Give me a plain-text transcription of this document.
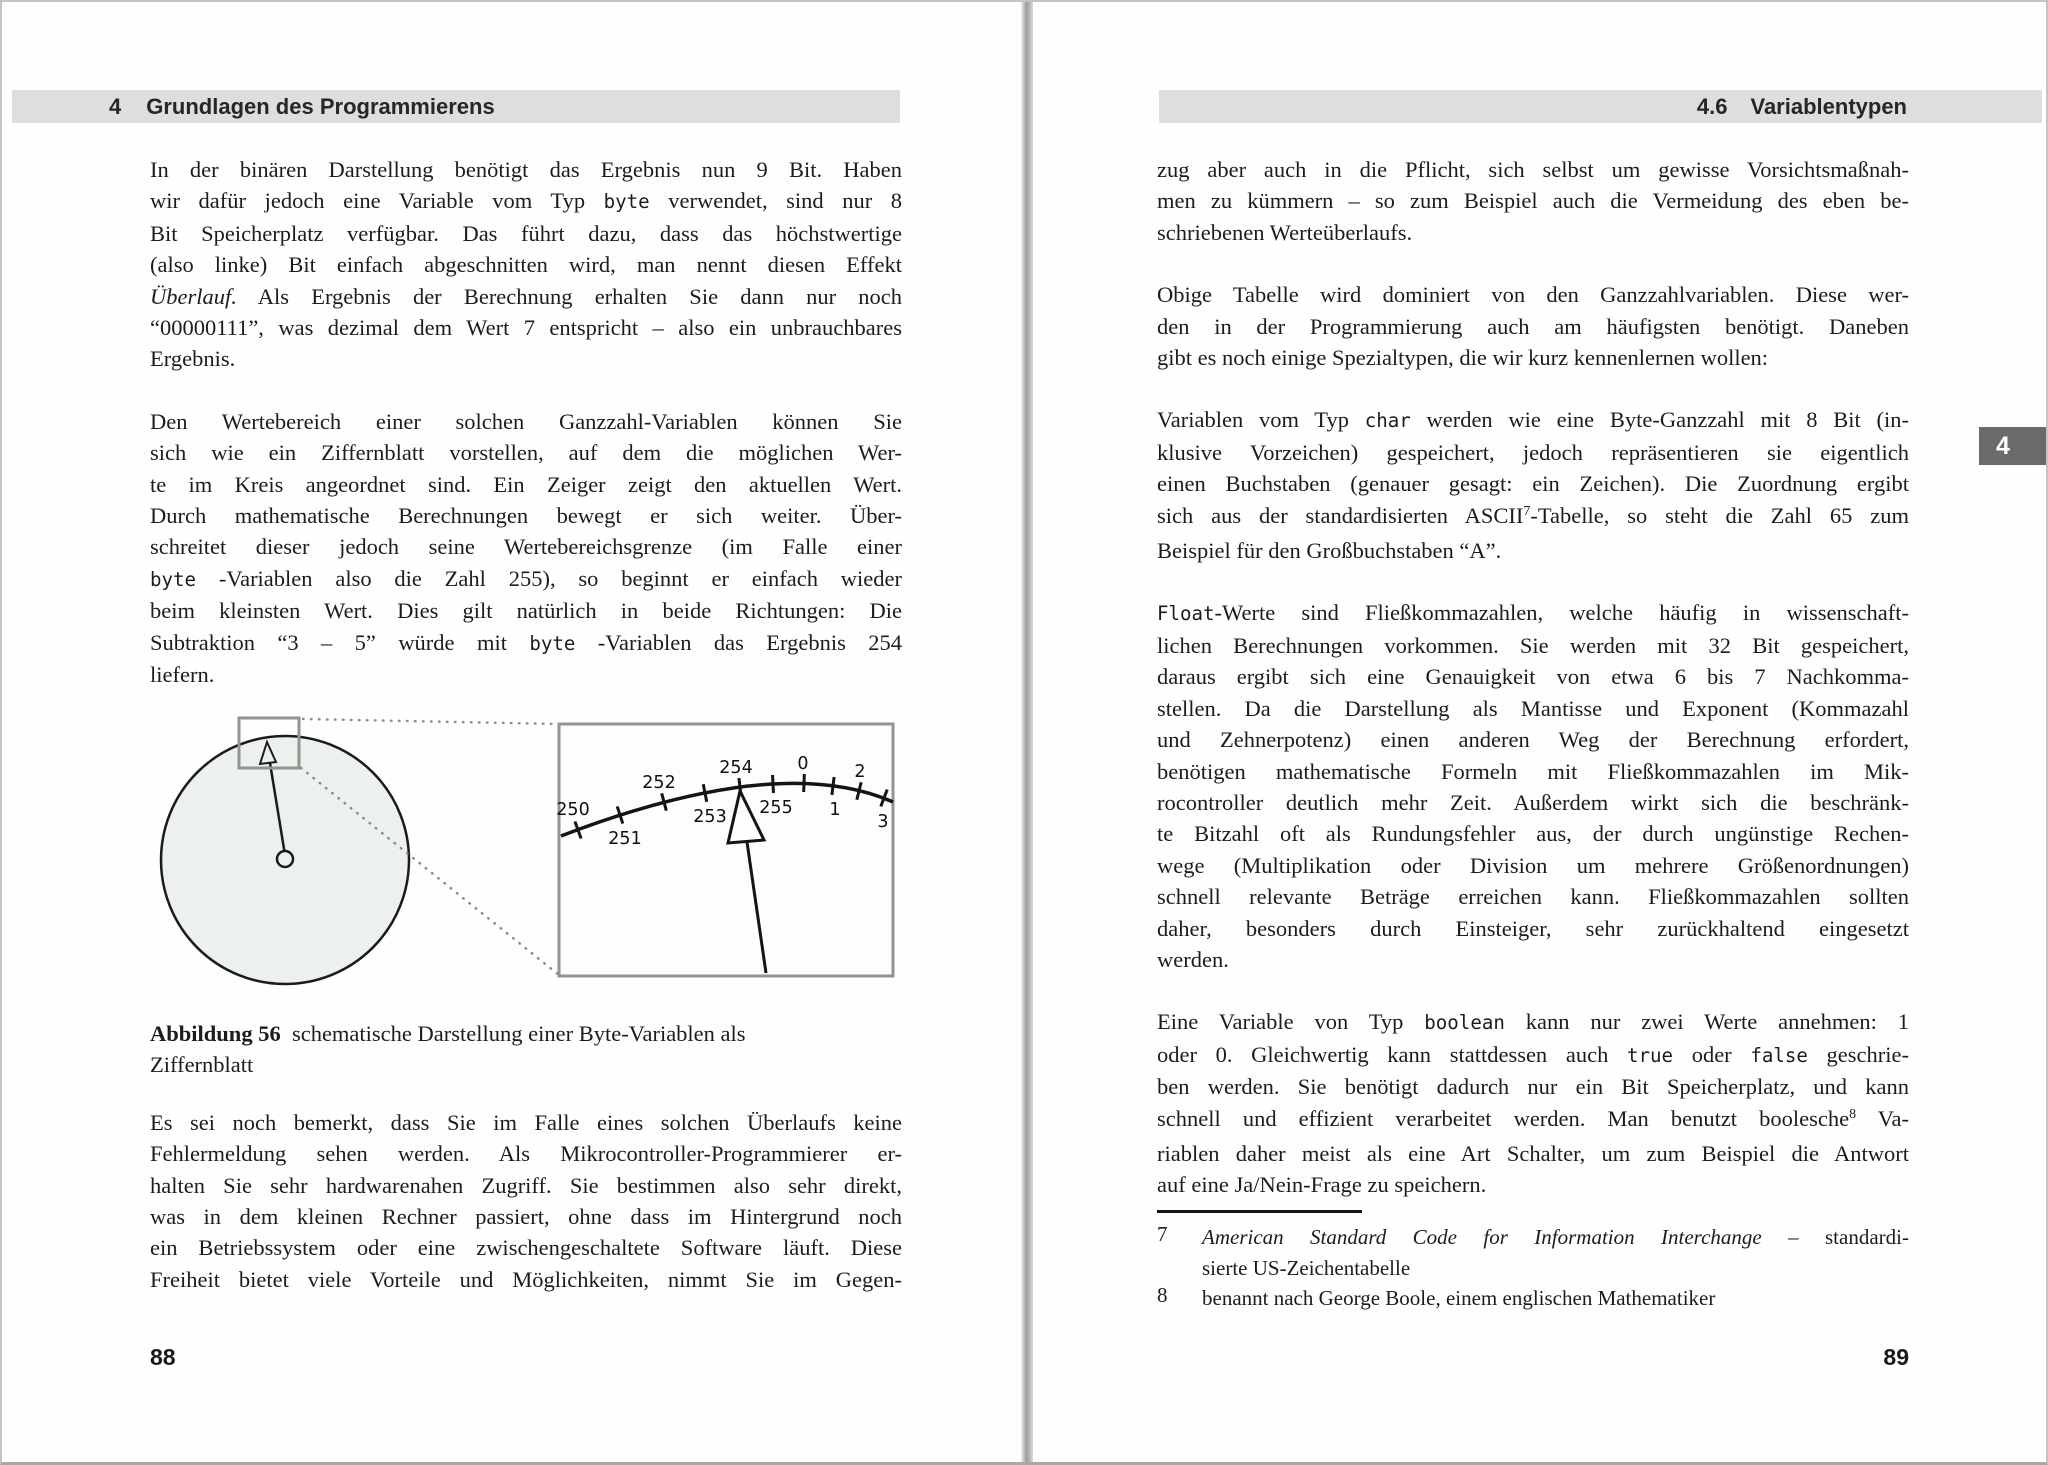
4 Grundlagen des Programmierens	4.6 Variablentypen
4
In der binären Darstellung benötigt das Ergebnis nun 9 Bit. Haben
wir dafür jedoch eine Variable vom Typ byte verwendet, sind nur 8
Bit Speicherplatz verfügbar. Das führt dazu, dass das höchstwertige
(also linke) Bit einfach abgeschnitten wird, man nennt diesen Effekt
Überlauf. Als Ergebnis der Berechnung erhalten Sie dann nur noch
“00000111”, was dezimal dem Wert 7 entspricht – also ein unbrauchbares
Ergebnis.
Den Wertebereich einer solchen Ganzzahl-Variablen können Sie
sich wie ein Ziffernblatt vorstellen, auf dem die möglichen Wer-
te im Kreis angeordnet sind. Ein Zeiger zeigt den aktuellen Wert.
Durch mathematische Berechnungen bewegt er sich weiter. Über-
schreitet dieser jedoch seine Wertebereichsgrenze (im Falle einer
byte -Variablen also die Zahl 255), so beginnt er einfach wieder
beim kleinsten Wert. Dies gilt natürlich in beide Richtungen: Die
Subtraktion “3 – 5” würde mit byte -Variablen das Ergebnis 254
liefern.
250
251
252
253
254
255
0
1
2
3
Abbildung 56  schematische Darstellung einer Byte-Variablen als
Ziffernblatt
Es sei noch bemerkt, dass Sie im Falle eines solchen Überlaufs keine
Fehlermeldung sehen werden. Als Mikrocontroller-Programmierer er-
halten Sie sehr hardwarenahen Zugriff. Sie bestimmen also sehr direkt,
was in dem kleinen Rechner passiert, ohne dass im Hintergrund noch
ein Betriebssystem oder eine zwischengeschaltete Software läuft. Diese
Freiheit bietet viele Vorteile und Möglichkeiten, nimmt Sie im Gegen-
zug aber auch in die Pflicht, sich selbst um gewisse Vorsichtsmaßnah-
men zu kümmern – so zum Beispiel auch die Vermeidung des eben be-
schriebenen Werteüberlaufs.
Obige Tabelle wird dominiert von den Ganzzahlvariablen. Diese wer-
den in der Programmierung auch am häufigsten benötigt. Daneben
gibt es noch einige Spezialtypen, die wir kurz kennenlernen wollen:
Variablen vom Typ char werden wie eine Byte-Ganzzahl mit 8 Bit (in-
klusive Vorzeichen) gespeichert, jedoch repräsentieren sie eigentlich
einen Buchstaben (genauer gesagt: ein Zeichen). Die Zuordnung ergibt
sich aus der standardisierten ASCII$^7$-Tabelle, so steht die Zahl 65 zum
Beispiel für den Großbuchstaben “A”.
Float-Werte sind Fließkommazahlen, welche häufig in wissenschaft-
lichen Berechnungen vorkommen. Sie werden mit 32 Bit gespeichert,
daraus ergibt sich eine Genauigkeit von etwa 6 bis 7 Nachkomma-
stellen. Da die Darstellung als Mantisse und Exponent (Kommazahl
und Zehnerpotenz) einen anderen Weg der Berechnung erfordert,
benötigen mathematische Formeln mit Fließkommazahlen im Mik-
rocontroller deutlich mehr Zeit. Außerdem wirkt sich die beschränk-
te Bitzahl oft als Rundungsfehler aus, der durch ungünstige Rechen-
wege (Multiplikation oder Division um mehrere Größenordnungen)
schnell relevante Beträge erreichen kann. Fließkommazahlen sollten
daher, besonders durch Einsteiger, sehr zurückhaltend eingesetzt
werden.
Eine Variable von Typ boolean kann nur zwei Werte annehmen: 1
oder 0. Gleichwertig kann stattdessen auch true oder false geschrie-
ben werden. Sie benötigt dadurch nur ein Bit Speicherplatz, und kann
schnell und effizient verarbeitet werden. Man benutzt boolesche$^8$ Va-
riablen daher meist als eine Art Schalter, um zum Beispiel die Antwort
auf eine Ja/Nein-Frage zu speichern.
7	American Standard Code for Information Interchange – standardi-
sierte US-Zeichentabelle
8	benannt nach George Boole, einem englischen Mathematiker
88	89
